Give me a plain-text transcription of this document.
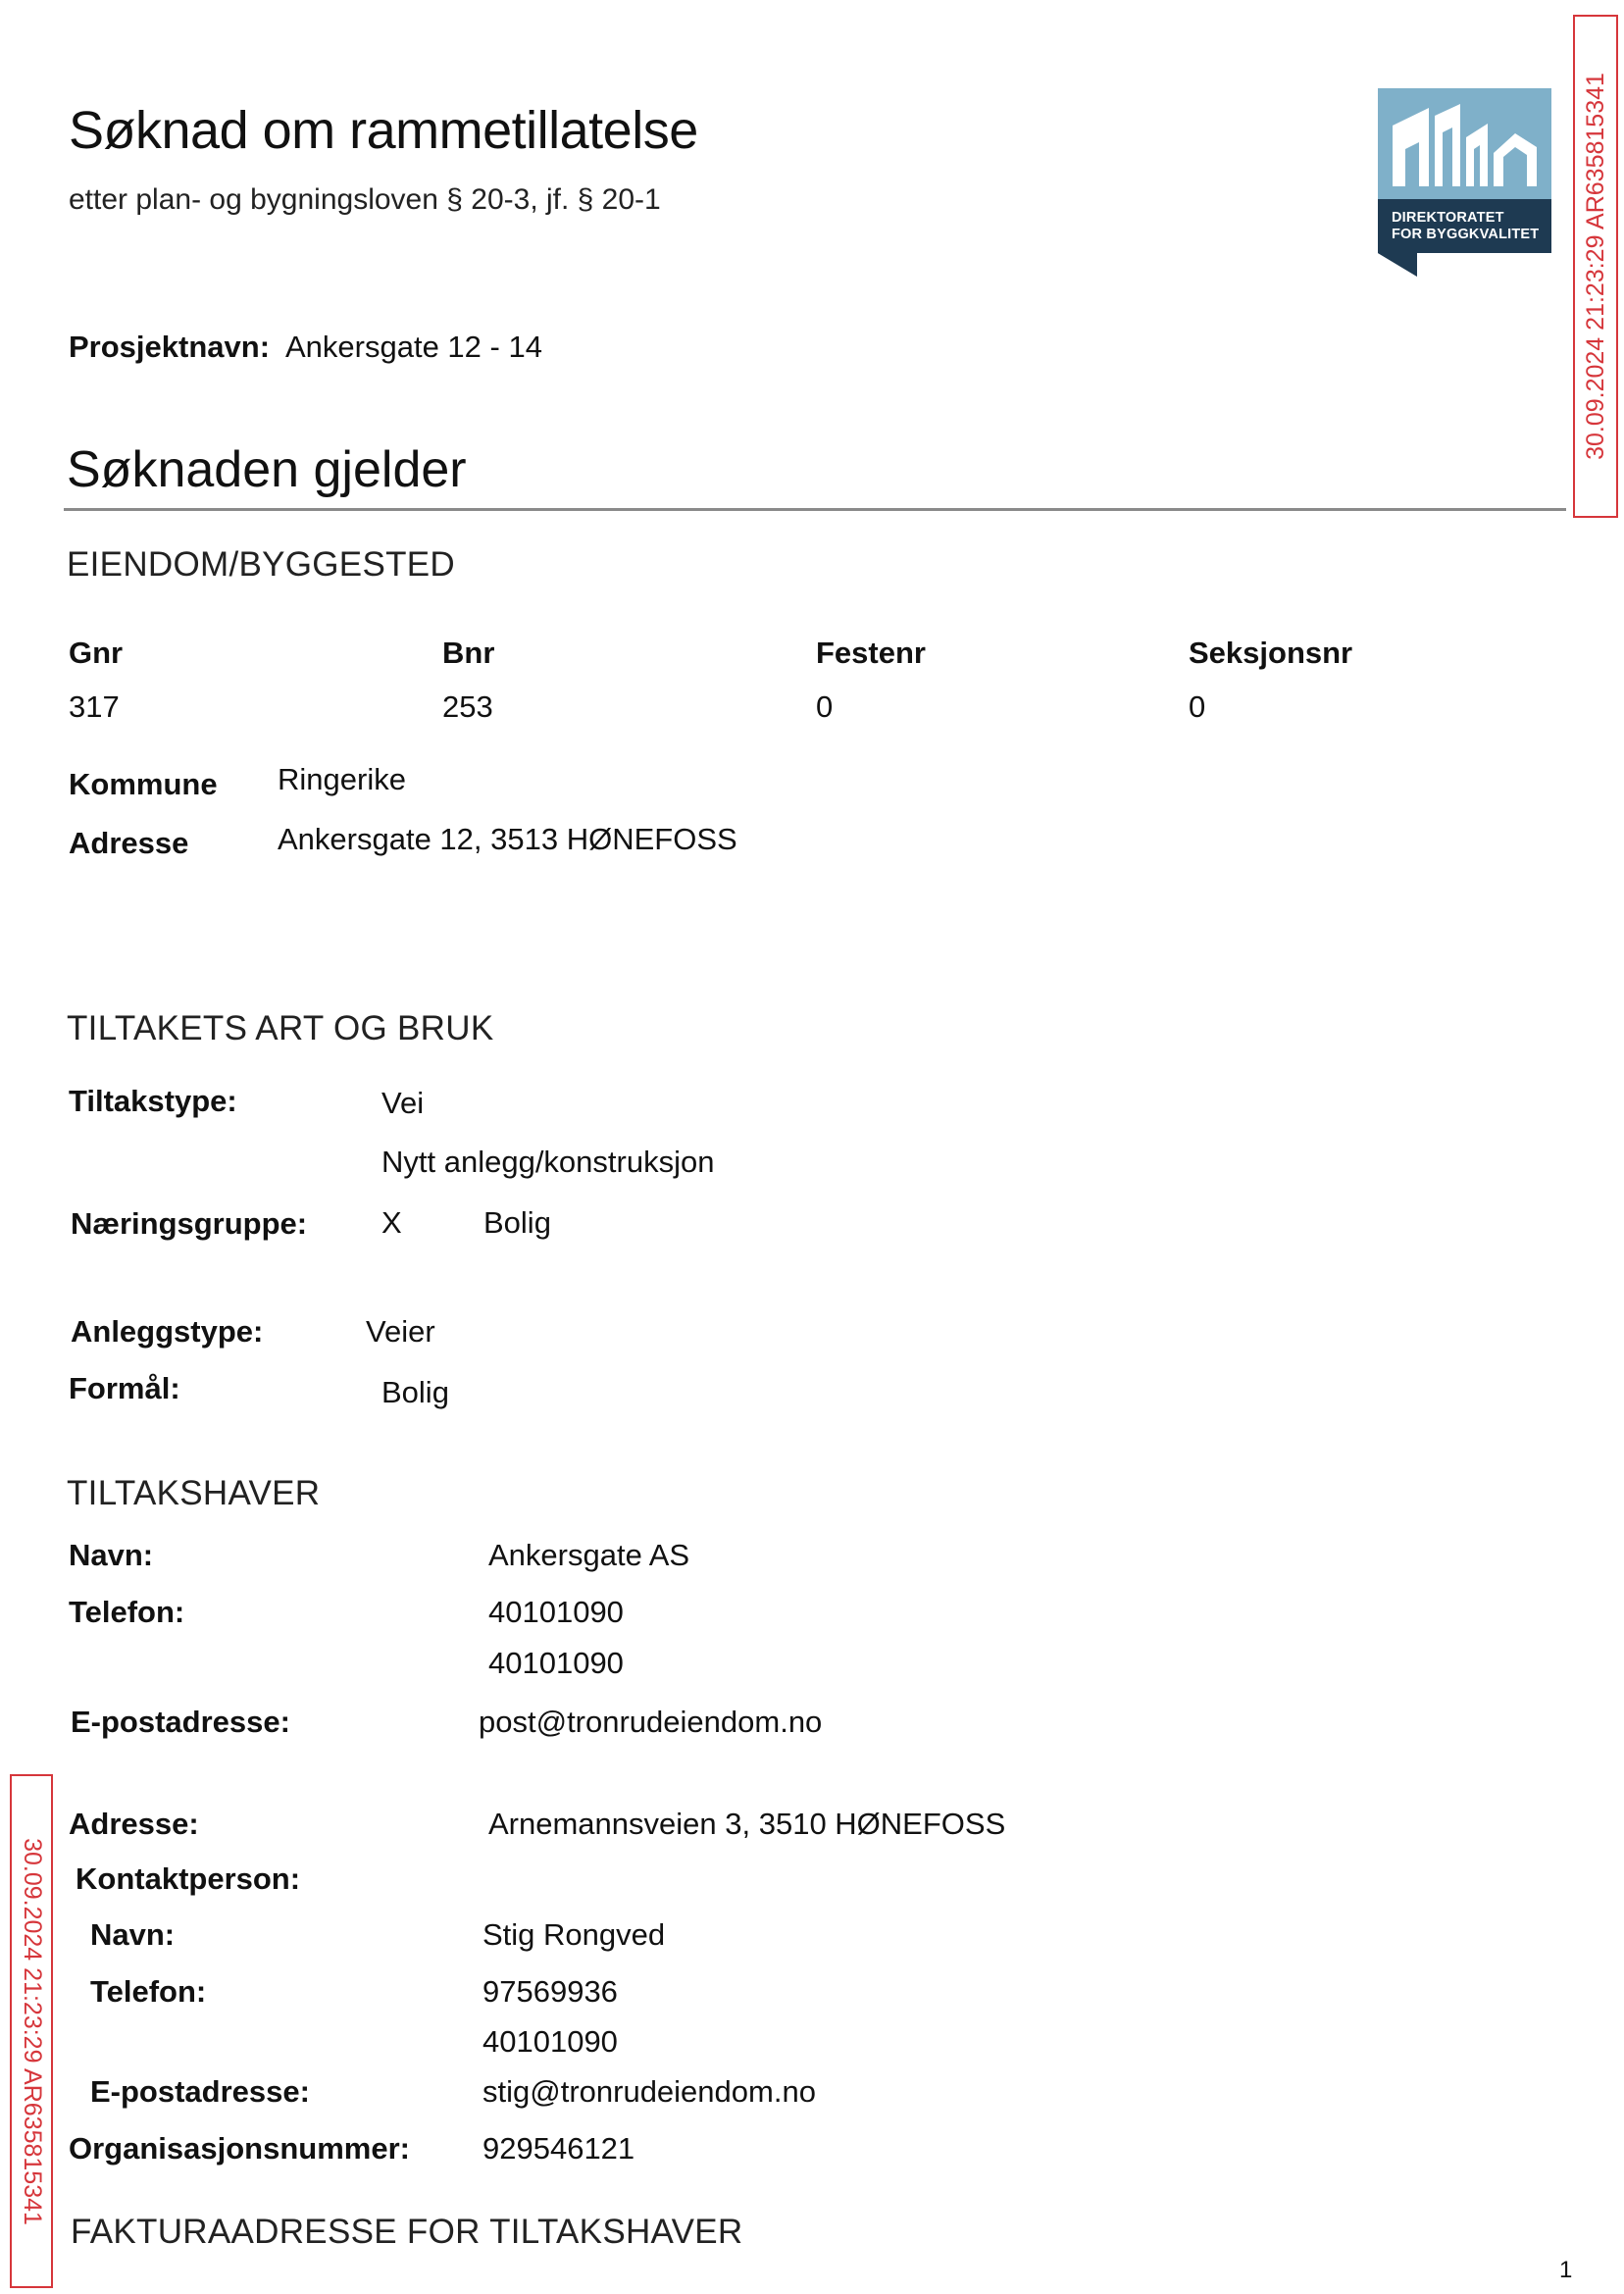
Søknad om rammetillatelse
etter plan- og bygningsloven § 20-3, jf. § 20-1
DIREKTORATET
FOR BYGGKVALITET 30.09.2024 21:23:29 AR635815341
30.09.2024 21:23:29 AR635815341
Prosjektnavn: Ankersgate 12 - 14
Søknaden gjelder
EIENDOM/BYGGESTED
Gnr	Bnr	Festenr	Seksjonsnr
317	253	0	0
Kommune Ringerike
Adresse	Ankersgate 12, 3513 HØNEFOSS
TILTAKETS ART OG BRUK
Tiltakstype:	Vei
Nytt anlegg/konstruksjon
Næringsgruppe: X	Bolig
Anleggstype:	Veier
Formål:	Bolig
TILTAKSHAVER
Navn:	Ankersgate AS
Telefon:	40101090
40101090
E-postadresse:	post@tronrudeiendom.no
Adresse:	Arnemannsveien 3, 3510 HØNEFOSS
Kontaktperson:
Navn:	Stig Rongved
Telefon:	97569936
40101090
E-postadresse:	stig@tronrudeiendom.no
Organisasjonsnummer: 929546121
FAKTURAADRESSE FOR TILTAKSHAVER
1
